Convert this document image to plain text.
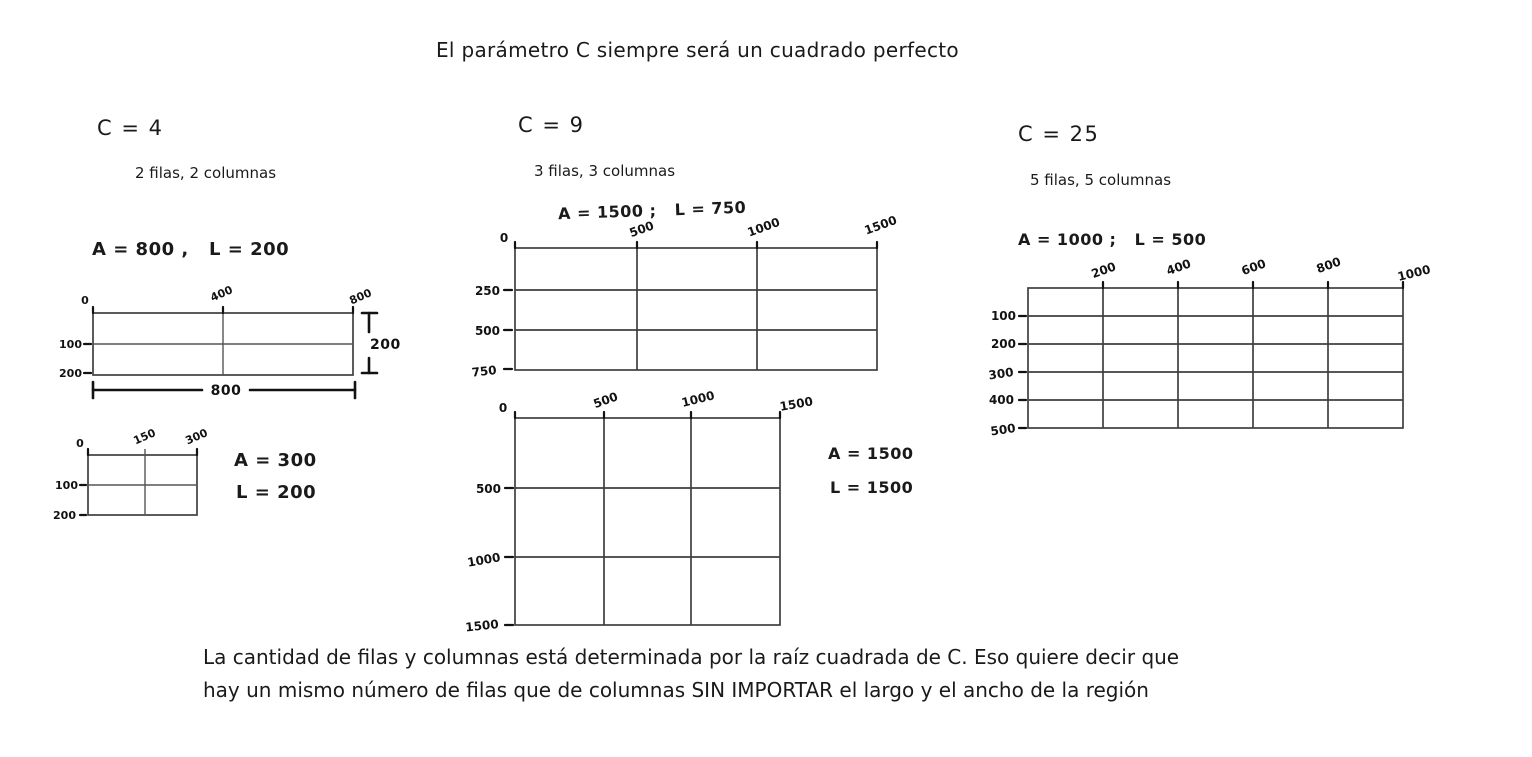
El parámetro C siempre será un cuadrado perfecto
C = 4
2 filas, 2 columnas
A = 800 ,   L = 200
0	400	800
100
200
200
800
0	150 300
100
200
A = 300
L = 200
C = 9
3 filas, 3 columnas
A = 1500 ;   L = 750
0	500	1000	1500
250
500
750
0	500	1000	1500
500
1000
1500
A = 1500
L = 1500
C = 25
5 filas, 5 columnas
A = 1000 ;   L = 500
200	400	600	800	1000
100
200
300
400
500
La cantidad de filas y columnas está determinada por la raíz cuadrada de C. Eso quiere decir que
hay un mismo número de filas que de columnas SIN IMPORTAR el largo y el ancho de la región
